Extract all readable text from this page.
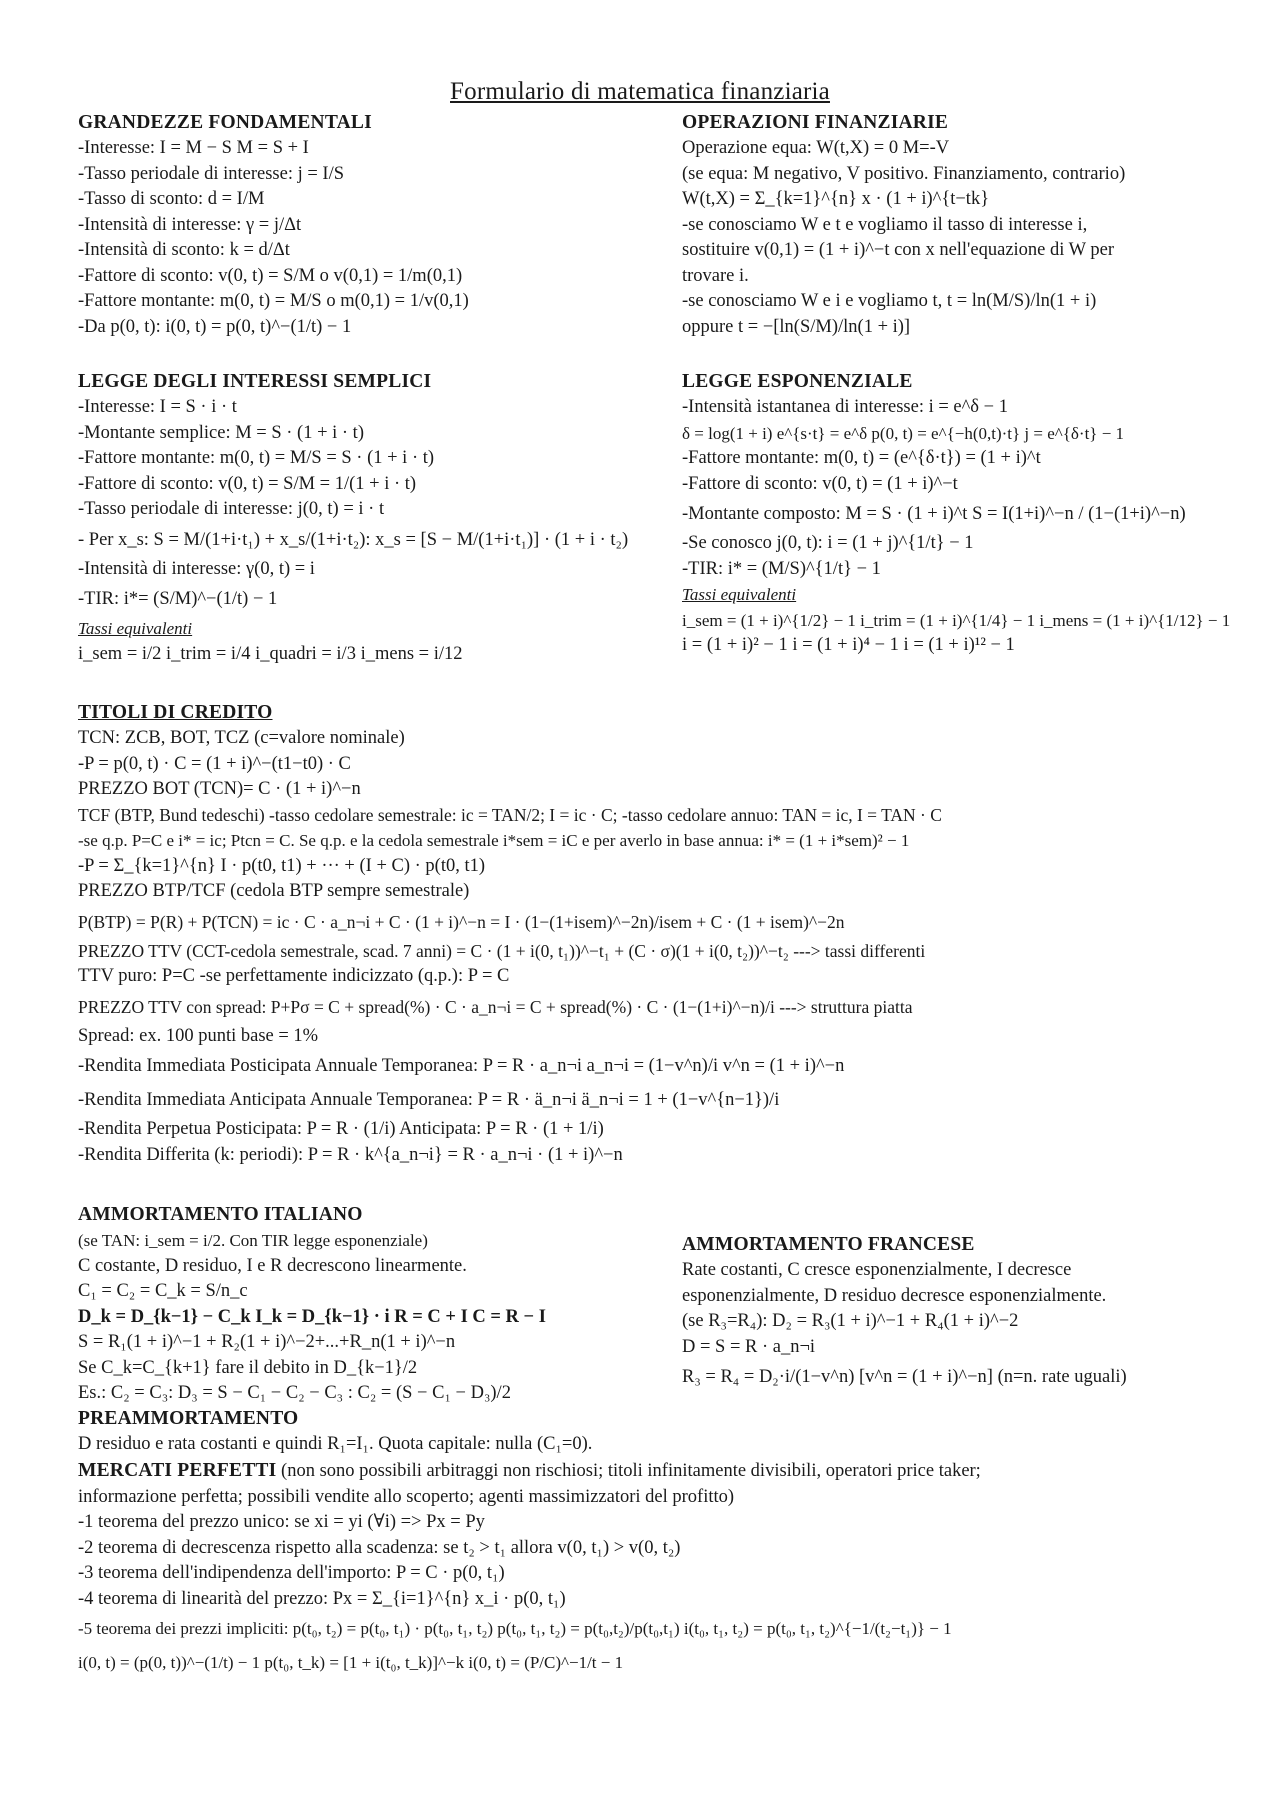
Formulario di matematica finanziaria
GRANDEZZE FONDAMENTALI
-Interesse: I = M − S M = S + I
-Tasso periodale di interesse: j = I/S
-Tasso di sconto: d = I/M
-Intensità di interesse: γ = j/Δt
-Intensità di sconto: k = d/Δt
-Fattore di sconto: v(0, t) = S/M o v(0,1) = 1/m(0,1)
-Fattore montante: m(0, t) = M/S o m(0,1) = 1/v(0,1)
-Da p(0, t): i(0, t) = p(0, t)^−(1/t) − 1
OPERAZIONI FINANZIARIE
Operazione equa: W(t,X) = 0 M=-V
(se equa: M negativo, V positivo. Finanziamento, contrario)
W(t,X) = Σ_{k=1}^{n} x · (1 + i)^{t−tk}
-se conosciamo W e t e vogliamo il tasso di interesse i,
sostituire v(0,1) = (1 + i)^−t con x nell'equazione di W per
trovare i.
-se conosciamo W e i e vogliamo t, t = ln(M/S)/ln(1 + i)
oppure t = −[ln(S/M)/ln(1 + i)]
LEGGE DEGLI INTERESSI SEMPLICI
-Interesse: I = S · i · t
-Montante semplice: M = S · (1 + i · t)
-Fattore montante: m(0, t) = M/S = S · (1 + i · t)
-Fattore di sconto: v(0, t) = S/M = 1/(1 + i · t)
-Tasso periodale di interesse: j(0, t) = i · t
- Per x_s: S = M/(1+i·t₁) + x_s/(1+i·t₂): x_s = [S − M/(1+i·t₁)] · (1 + i · t₂)
-Intensità di interesse: γ(0, t) = i
-TIR: i*= (S/M)^−(1/t) − 1
Tassi equivalenti
i_sem = i/2 i_trim = i/4 i_quadri = i/3 i_mens = i/12
LEGGE ESPONENZIALE
-Intensità istantanea di interesse: i = e^δ − 1
δ = log(1 + i) e^{s·t} = e^δ p(0, t) = e^{−h(0,t)·t} j = e^{δ·t} − 1
-Fattore montante: m(0, t) = (e^{δ·t}) = (1 + i)^t
-Fattore di sconto: v(0, t) = (1 + i)^−t
-Montante composto: M = S · (1 + i)^t S = I(1+i)^−n / (1−(1+i)^−n)
-Se conosco j(0, t): i = (1 + j)^{1/t} − 1
-TIR: i* = (M/S)^{1/t} − 1
Tassi equivalenti
i_sem = (1 + i)^{1/2} − 1 i_trim = (1 + i)^{1/4} − 1 i_mens = (1 + i)^{1/12} − 1
i = (1 + i)² − 1 i = (1 + i)⁴ − 1 i = (1 + i)¹² − 1
TITOLI DI CREDITO
TCN: ZCB, BOT, TCZ (c=valore nominale)
-P = p(0, t) · C = (1 + i)^−(t1−t0) · C
PREZZO BOT (TCN)= C · (1 + i)^−n
TCF (BTP, Bund tedeschi) -tasso cedolare semestrale: ic = TAN/2; I = ic · C; -tasso cedolare annuo: TAN = ic, I = TAN · C
-se q.p. P=C e i* = ic; Ptcn = C. Se q.p. e la cedola semestrale i*sem = iC e per averlo in base annua: i* = (1 + i*sem)² − 1
-P = Σ_{k=1}^{n} I · p(t0, t1) + ··· + (I + C) · p(t0, t1)
PREZZO BTP/TCF (cedola BTP sempre semestrale)
P(BTP) = P(R) + P(TCN) = ic · C · a_n¬i + C · (1 + i)^−n = I · (1−(1+isem)^−2n)/isem + C · (1 + isem)^−2n
PREZZO TTV (CCT-cedola semestrale, scad. 7 anni) = C · (1 + i(0, t₁))^−t₁ + (C · σ)(1 + i(0, t₂))^−t₂ ---> tassi differenti
TTV puro: P=C -se perfettamente indicizzato (q.p.): P = C
PREZZO TTV con spread: P+Pσ = C + spread(%) · C · a_n¬i = C + spread(%) · C · (1−(1+i)^−n)/i ---> struttura piatta
Spread: ex. 100 punti base = 1%
-Rendita Immediata Posticipata Annuale Temporanea: P = R · a_n¬i a_n¬i = (1−v^n)/i v^n = (1 + i)^−n
-Rendita Immediata Anticipata Annuale Temporanea: P = R · ä_n¬i ä_n¬i = 1 + (1−v^{n−1})/i
-Rendita Perpetua Posticipata: P = R · (1/i) Anticipata: P = R · (1 + 1/i)
-Rendita Differita (k: periodi): P = R · k^{a_n¬i} = R · a_n¬i · (1 + i)^−n
AMMORTAMENTO ITALIANO
(se TAN: i_sem = i/2. Con TIR legge esponenziale)
C costante, D residuo, I e R decrescono linearmente.
C₁ = C₂ = C_k = S/n_c
D_k = D_{k−1} − C_k I_k = D_{k−1} · i R = C + I C = R − I
S = R₁(1 + i)^−1 + R₂(1 + i)^−2+...+R_n(1 + i)^−n
Se C_k=C_{k+1} fare il debito in D_{k−1}/2
Es.: C₂ = C₃: D₃ = S − C₁ − C₂ − C₃ : C₂ = (S − C₁ − D₃)/2
AMMORTAMENTO FRANCESE
Rate costanti, C cresce esponenzialmente, I decresce
esponenzialmente, D residuo decresce esponenzialmente.
(se R₃=R₄): D₂ = R₃(1 + i)^−1 + R₄(1 + i)^−2
D = S = R · a_n¬i
R₃ = R₄ = D₂·i/(1−v^n) [v^n = (1 + i)^−n] (n=n. rate uguali)
PREAMMORTAMENTO
D residuo e rata costanti e quindi R₁=I₁. Quota capitale: nulla (C₁=0).
MERCATI PERFETTI (non sono possibili arbitraggi non rischiosi; titoli infinitamente divisibili, operatori price taker;
informazione perfetta; possibili vendite allo scoperto; agenti massimizzatori del profitto)
-1 teorema del prezzo unico: se xi = yi (∀i) => Px = Py
-2 teorema di decrescenza rispetto alla scadenza: se t₂ > t₁ allora v(0, t₁) > v(0, t₂)
-3 teorema dell'indipendenza dell'importo: P = C · p(0, t₁)
-4 teorema di linearità del prezzo: Px = Σ_{i=1}^{n} x_i · p(0, t₁)
-5 teorema dei prezzi impliciti: p(t₀, t₂) = p(t₀, t₁) · p(t₀, t₁, t₂) p(t₀, t₁, t₂) = p(t₀,t₂)/p(t₀,t₁) i(t₀, t₁, t₂) = p(t₀, t₁, t₂)^{−1/(t₂−t₁)} − 1
i(0, t) = (p(0, t))^−(1/t) − 1 p(t₀, t_k) = [1 + i(t₀, t_k)]^−k i(0, t) = (P/C)^−1/t − 1
